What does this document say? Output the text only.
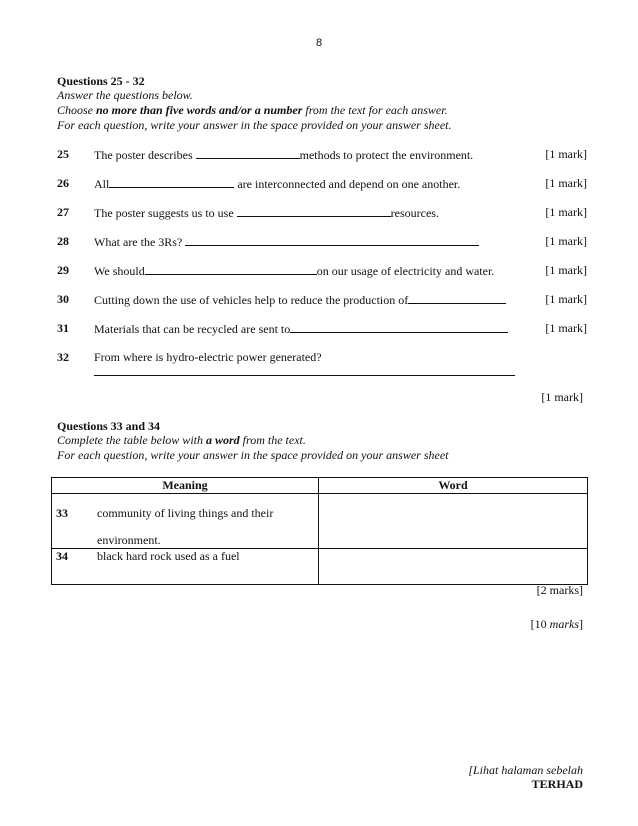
8
Questions 25 - 32
Answer the questions below.
Choose no more than five words and/or a number from the text for each answer.
For each question, write your answer in the space provided on your answer sheet.
25 The poster describes	methods to protect the environment.	[1 mark]
26 All	are interconnected and depend on one another.	[1 mark]
27 The poster suggests us to use	resources.	[1 mark]
28 What are the 3Rs?	[1 mark]
29 We should	on our usage of electricity and water.	[1 mark]
30 Cutting down the use of vehicles help to reduce the production of	[1 mark]
31 Materials that can be recycled are sent to	[1 mark]
32 From where is hydro-electric power generated?
[1 mark]
Questions 33 and 34
Complete the table below with a word from the text.
For each question, write your answer in the space provided on your answer sheet
Meaning	Word

33 community of living things and their
environment.	

34 black hard rock used as a fuel	

[2 marks]
[10 marks]
[Lihat halaman sebelah
TERHAD
